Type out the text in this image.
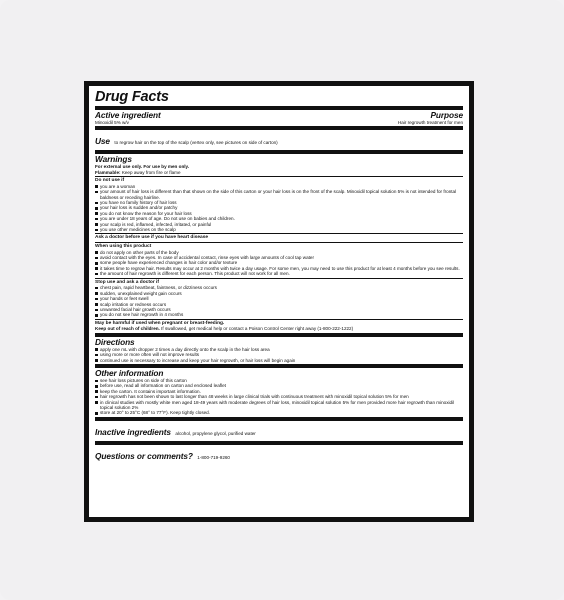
Drug Facts
Active ingredient	Purpose
Minoxidil 5% w/v	Hair regrowth treatment for men
Use to regrow hair on the top of the scalp (vertex only, see pictures on side of carton)
Warnings
For external use only. For use by men only.
Flammable: Keep away from fire or flame
Do not use if
you are a woman
your amount of hair loss is different than that shown on the side of this carton or your hair loss is on the front of the scalp. Minoxidil topical solution 5% is not intended for frontal baldness or receding hairline.
you have no family history of hair loss
your hair loss is sudden and/or patchy
you do not know the reason for your hair loss
you are under 18 years of age. Do not use on babies and children.
your scalp is red, inflamed, infected, irritated, or painful
you use other medicines on the scalp
Ask a doctor before use if you have heart disease
When using this product
do not apply on other parts of the body
avoid contact with the eyes. In case of accidental contact, rinse eyes with large amounts of cool tap water
some people have experienced changes in hair color and/or texture
it takes time to regrow hair. Results may occur at 2 months with twice a day usage. For some men, you may need to use this product for at least 4 months before you see results.
the amount of hair regrowth is different for each person. This product will not work for all men.
Stop use and ask a doctor if
chest pain, rapid heartbeat, faintness, or dizziness occurs
sudden, unexplained weight gain occurs
your hands or feet swell
scalp irritation or redness occurs
unwanted facial hair growth occurs
you do not see hair regrowth in 4 months
May be harmful if used when pregnant or breast-feeding.
Keep out of reach of children. If swallowed, get medical help or contact a Poison Control Center right away (1-800-222-1222)
Directions
apply one mL with dropper 2 times a day directly onto the scalp in the hair loss area
using more or more often will not improve results
continued use is necessary to increase and keep your hair regrowth, or hair loss will begin again
Other information
see hair loss pictures on side of this carton
before use, read all information on carton and enclosed leaflet
keep the carton. It contains important information.
hair regrowth has not been shown to last longer than 48 weeks in large clinical trials with continuous treatment with minoxidil topical solution 5% for men
in clinical studies with mostly white men aged 18-49 years with moderate degrees of hair loss, minoxidil topical solution 5% for men provided more hair regrowth than minoxidil topical solution 2%
store at 20° to 25°C (68° to 77°F). Keep tightly closed.
Inactive ingredients alcohol, propylene glycol, purified water
Questions or comments? 1-800-719-9260
